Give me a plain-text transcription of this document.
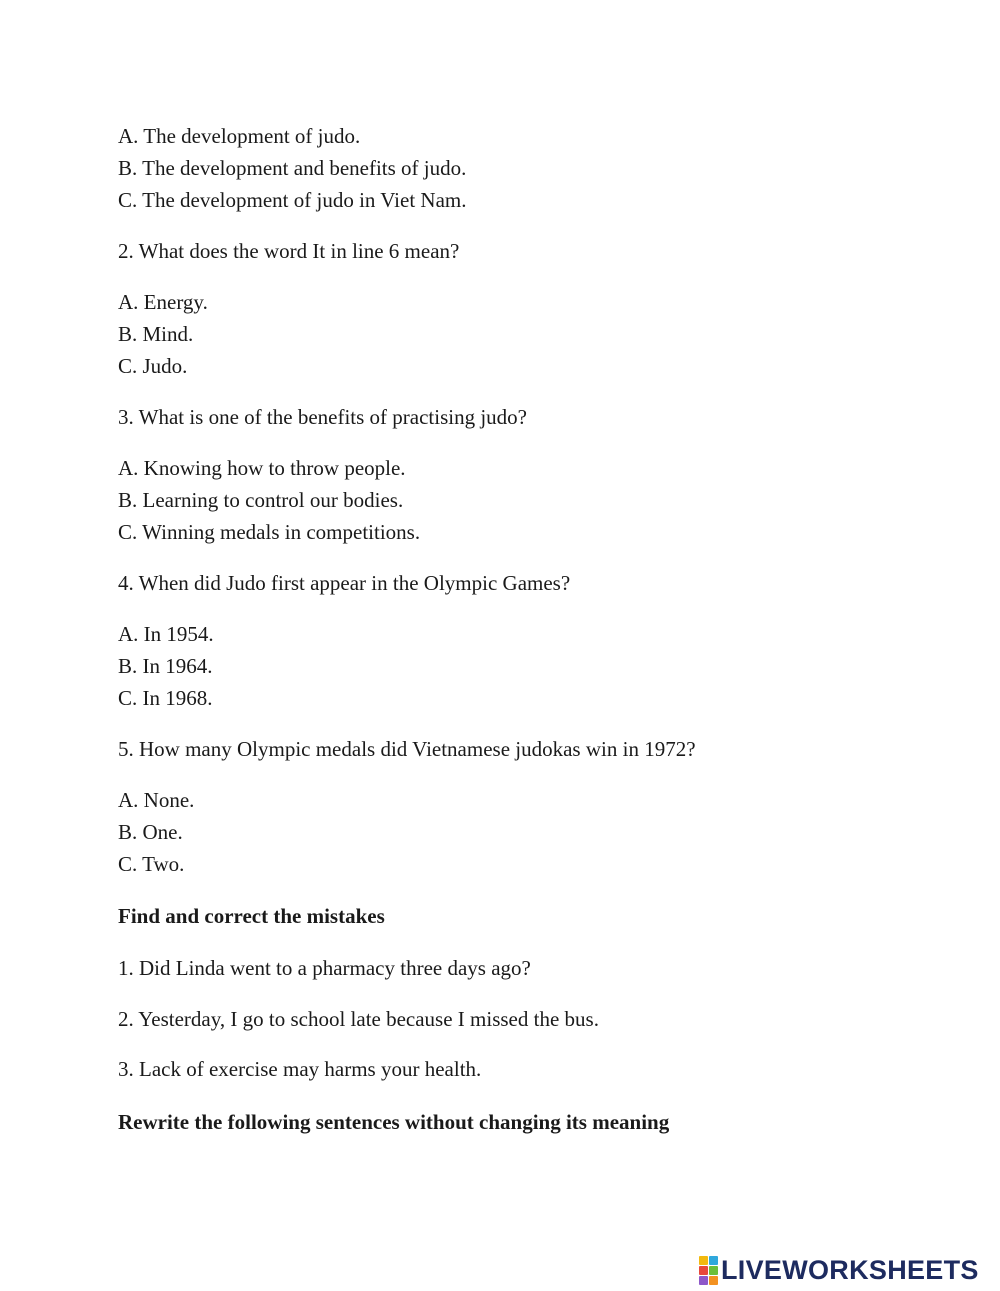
A. The development of judo.
B. The development and benefits of judo.
C. The development of judo in Viet Nam.
2. What does the word It in line 6 mean?
A. Energy.
B. Mind.
C. Judo.
3. What is one of the benefits of practising judo?
A. Knowing how to throw people.
B. Learning to control our bodies.
C. Winning medals in competitions.
4. When did Judo first appear in the Olympic Games?
A. In 1954.
B. In 1964.
C. In 1968.
5. How many Olympic medals did Vietnamese judokas win in 1972?
A. None.
B. One.
C. Two.
Find and correct the mistakes
1. Did Linda went to a pharmacy three days ago?
2. Yesterday, I go to school late because I missed the bus.
3. Lack of exercise may harms your health.
Rewrite the following sentences without changing its meaning
LIVEWORKSHEETS
